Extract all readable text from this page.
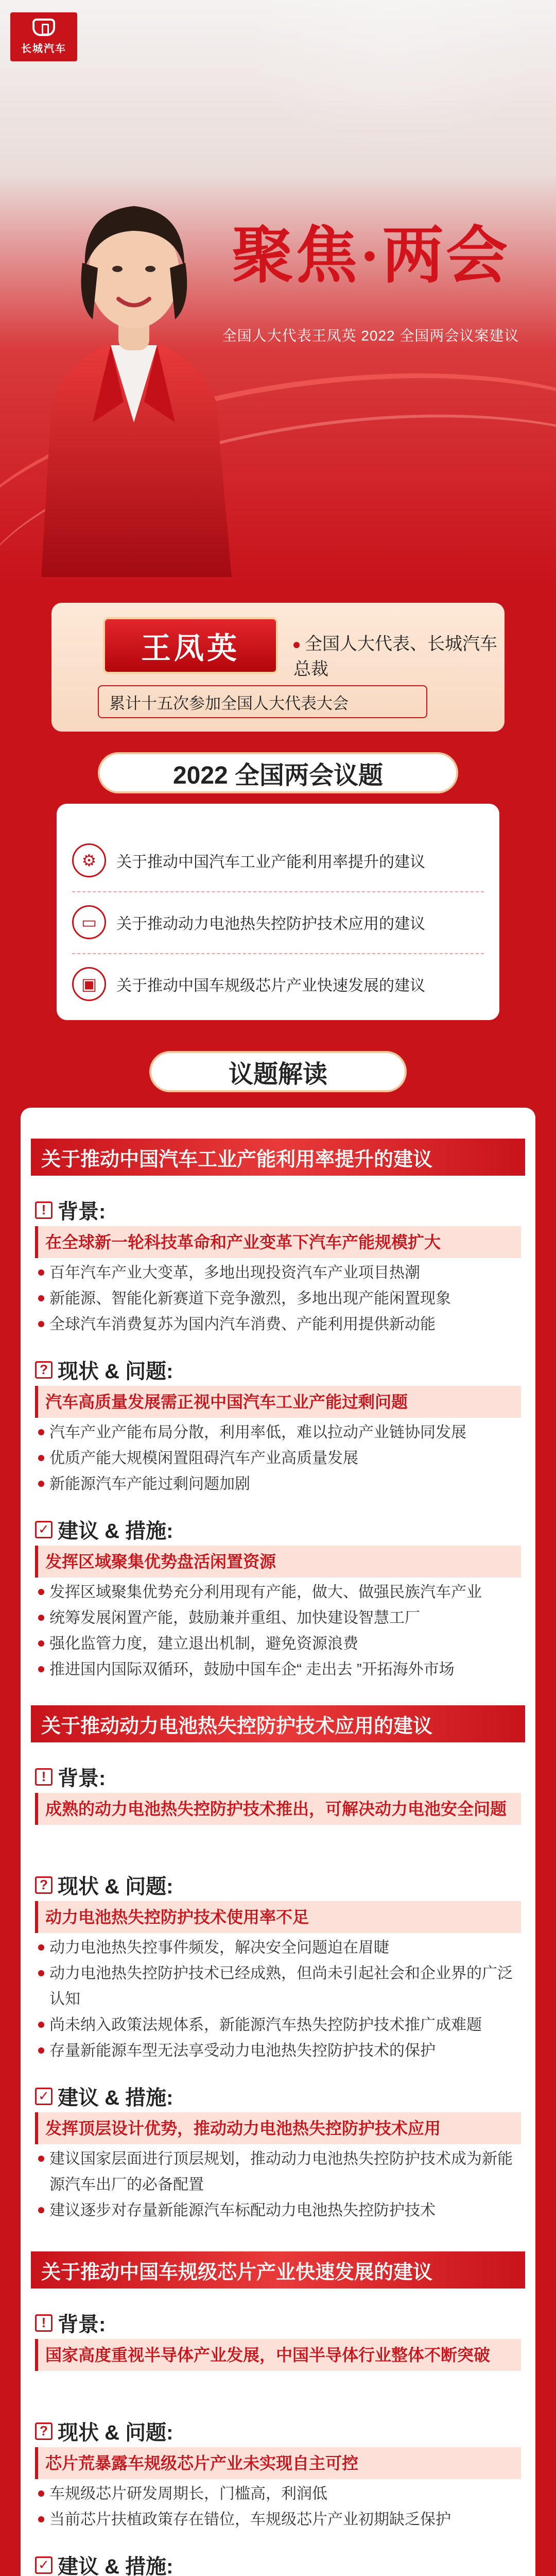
长城汽车
聚焦·两会
全国人大代表王凤英 2022 全国两会议案建议
王凤英	全国人大代表、长城汽车总裁
累计十五次参加全国人大代表大会
2022 全国两会议题
⚙	关于推动中国汽车工业产能利用率提升的建议
▭	关于推动动力电池热失控防护技术应用的建议
▣	关于推动中国车规级芯片产业快速发展的建议
议题解读
关于推动中国汽车工业产能利用率提升的建议
! 背景:
在全球新一轮科技革命和产业变革下汽车产能规模扩大
百年汽车产业大变革，多地出现投资汽车产业项目热潮
新能源、智能化新赛道下竞争激烈，多地出现产能闲置现象
全球汽车消费复苏为国内汽车消费、产能利用提供新动能
? 现状 & 问题:
汽车高质量发展需正视中国汽车工业产能过剩问题
汽车产业产能布局分散，利用率低，难以拉动产业链协同发展
优质产能大规模闲置阻碍汽车产业高质量发展
新能源汽车产能过剩问题加剧
✓ 建议 & 措施:
发挥区域聚集优势盘活闲置资源
发挥区域聚集优势充分利用现有产能，做大、做强民族汽车产业
统筹发展闲置产能，鼓励兼并重组、加快建设智慧工厂
强化监管力度，建立退出机制，避免资源浪费
推进国内国际双循环，鼓励中国车企“ 走出去 ”开拓海外市场
关于推动动力电池热失控防护技术应用的建议
! 背景:
成熟的动力电池热失控防护技术推出，可解决动力电池安全问题
? 现状 & 问题:
动力电池热失控防护技术使用率不足
动力电池热失控事件频发，解决安全问题迫在眉睫
动力电池热失控防护技术已经成熟，但尚未引起社会和企业界的广泛认知
尚未纳入政策法规体系，新能源汽车热失控防护技术推广成难题
存量新能源车型无法享受动力电池热失控防护技术的保护
✓ 建议 & 措施:
发挥顶层设计优势，推动动力电池热失控防护技术应用
建议国家层面进行顶层规划，推动动力电池热失控防护技术成为新能源汽车出厂的必备配置
建议逐步对存量新能源汽车标配动力电池热失控防护技术
关于推动中国车规级芯片产业快速发展的建议
! 背景:
国家高度重视半导体产业发展，中国半导体行业整体不断突破
? 现状 & 问题:
芯片荒暴露车规级芯片产业未实现自主可控
车规级芯片研发周期长，门槛高，利润低
当前芯片扶植政策存在错位，车规级芯片产业初期缺乏保护
✓ 建议 & 措施:
